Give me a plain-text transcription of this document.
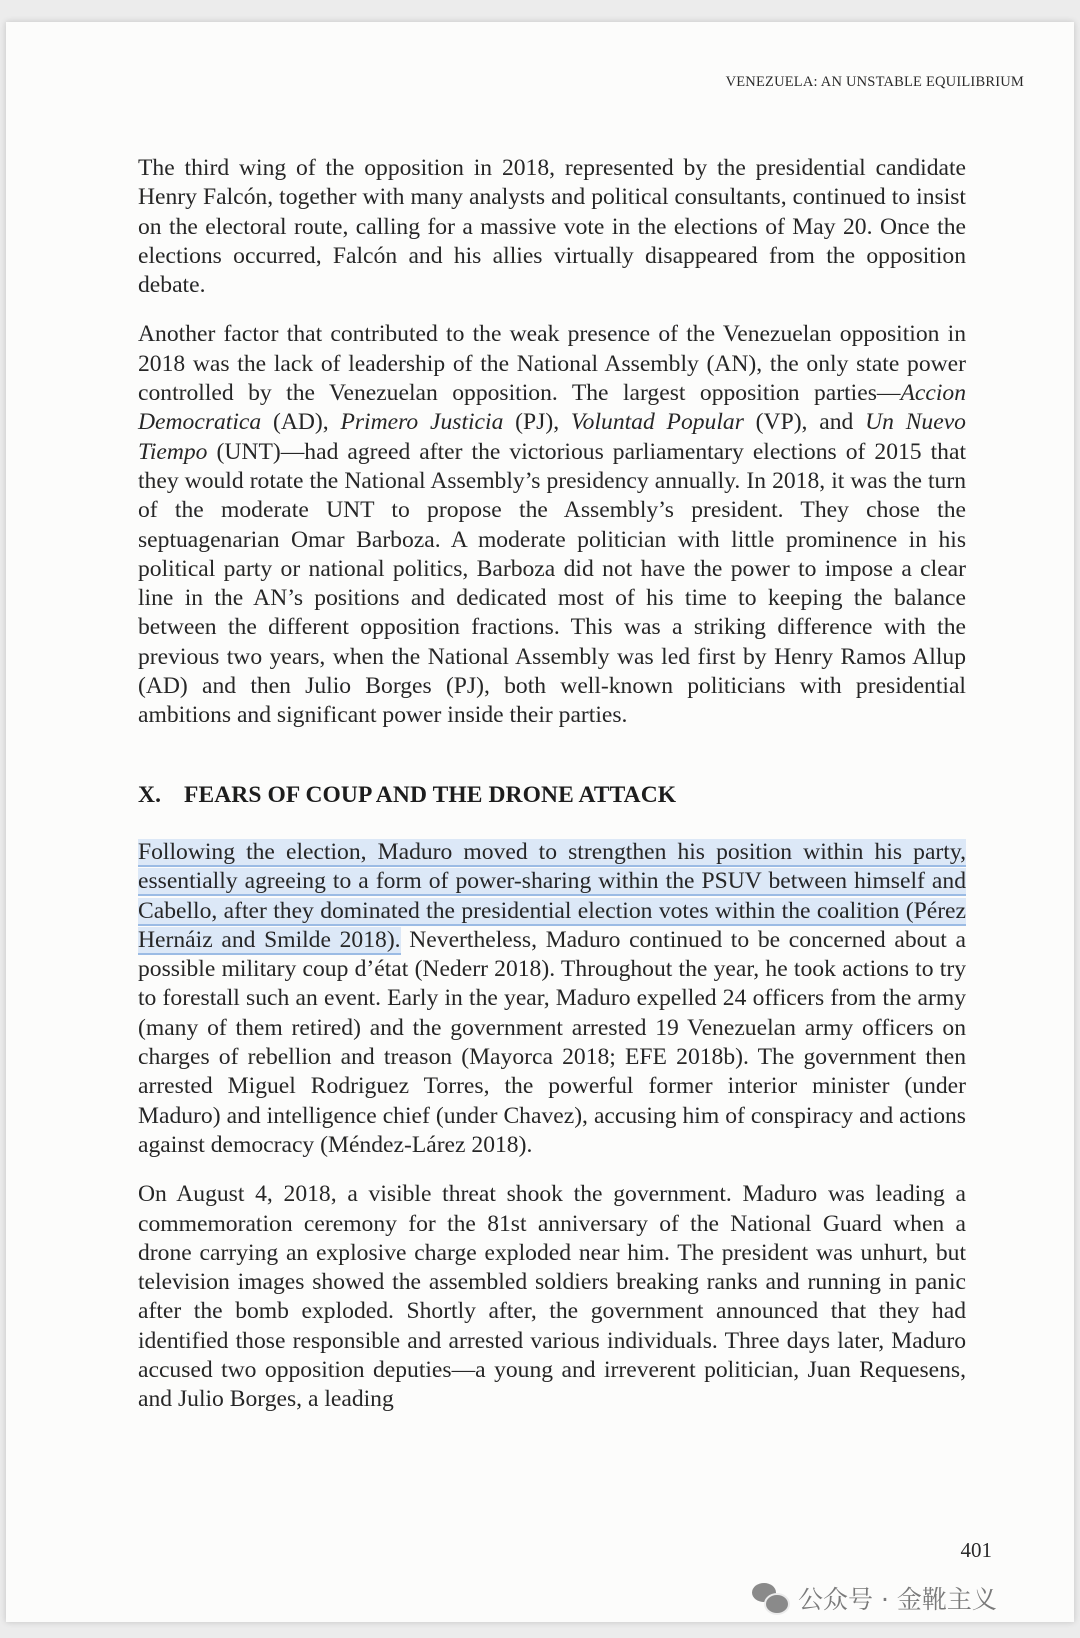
VENEZUELA: AN UNSTABLE EQUILIBRIUM

The third wing of the opposition in 2018, represented by the presidential candidate Henry Falcón, together with many analysts and political consultants, continued to insist on the electoral route, calling for a massive vote in the elections of May 20. Once the elections occurred, Falcón and his allies virtually disappeared from the opposition debate.

Another factor that contributed to the weak presence of the Venezuelan opposition in 2018 was the lack of leadership of the National Assembly (AN), the only state power controlled by the Venezuelan opposition. The largest opposition parties—Accion Democratica (AD), Primero Justicia (PJ), Voluntad Popular (VP), and Un Nuevo Tiempo (UNT)—had agreed after the victorious parliamentary elections of 2015 that they would rotate the National Assembly’s presidency annually. In 2018, it was the turn of the moderate UNT to propose the Assembly’s president. They chose the septuagenarian Omar Barboza. A moderate politician with little prominence in his political party or national politics, Barboza did not have the power to impose a clear line in the AN’s positions and dedicated most of his time to keeping the balance between the different opposition fractions. This was a striking difference with the previous two years, when the National Assembly was led first by Henry Ramos Allup (AD) and then Julio Borges (PJ), both well-known politicians with presidential ambitions and significant power inside their parties.

X. FEARS OF COUP AND THE DRONE ATTACK

Following the election, Maduro moved to strengthen his position within his party, essentially agreeing to a form of power-sharing within the PSUV between himself and Cabello, after they dominated the presidential election votes within the coalition (Pérez Hernáiz and Smilde 2018). Nevertheless, Maduro continued to be concerned about a possible military coup d’état (Nederr 2018). Throughout the year, he took actions to try to forestall such an event. Early in the year, Maduro expelled 24 officers from the army (many of them retired) and the government arrested 19 Venezuelan army officers on charges of rebellion and treason (Mayorca 2018; EFE 2018b). The government then arrested Miguel Rodriguez Torres, the powerful former interior minister (under Maduro) and intelligence chief (under Chavez), accusing him of conspiracy and actions against democracy (Méndez-Lárez 2018).

On August 4, 2018, a visible threat shook the government. Maduro was leading a commemoration ceremony for the 81st anniversary of the National Guard when a drone carrying an explosive charge exploded near him. The president was unhurt, but television images showed the assembled soldiers breaking ranks and running in panic after the bomb exploded. Shortly after, the government announced that they had identified those responsible and arrested various individuals. Three days later, Maduro accused two opposition deputies—a young and irreverent politician, Juan Requesens, and Julio Borges, a leading

401
公众号 · 金靴主义
